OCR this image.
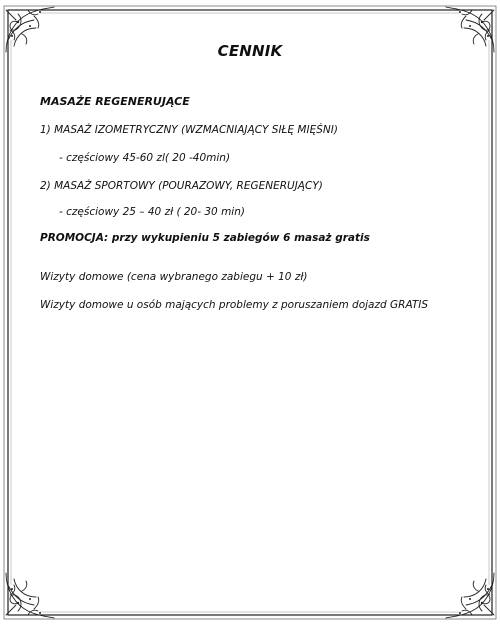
CENNIK

MASAŻE REGENERUJĄCE

1) MASAŻ IZOMETRYCZNY (WZMACNIAJĄCY SIŁĘ MIĘŚNI)

- częściowy 45-60 zl( 20 -40min)

2) MASAŻ SPORTOWY (POURAZOWY, REGENERUJĄCY)

- częściowy 25 – 40 zł ( 20- 30 min)

PROMOCJA: przy wykupieniu 5 zabiegów 6 masaż gratis

Wizyty domowe (cena wybranego zabiegu + 10 zł)

Wizyty domowe u osób mających problemy z poruszaniem dojazd GRATIS
